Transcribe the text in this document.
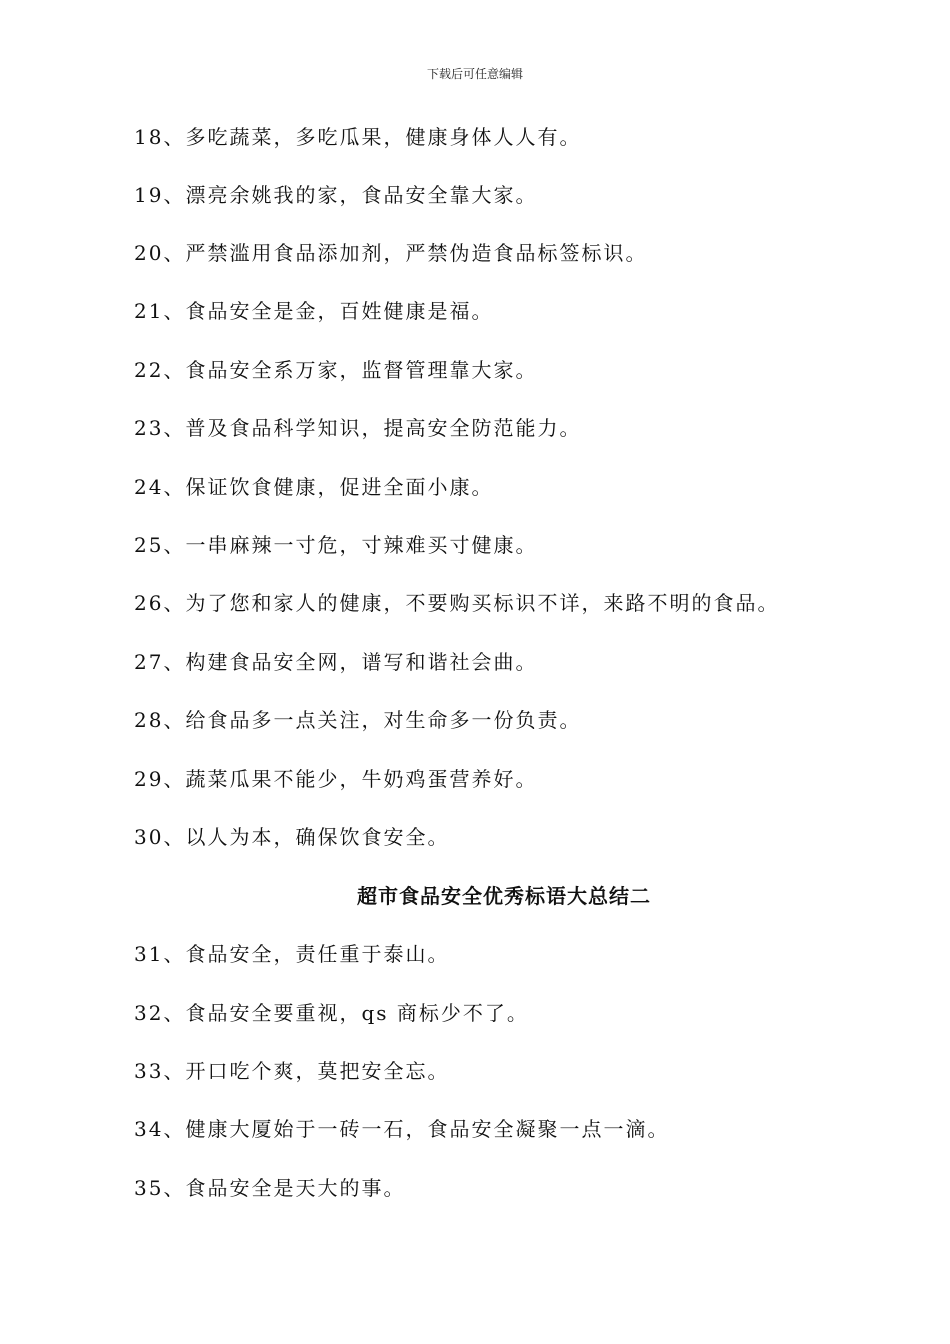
下载后可任意编辑
18、多吃蔬菜，多吃瓜果，健康身体人人有。
19、漂亮余姚我的家，食品安全靠大家。
20、严禁滥用食品添加剂，严禁伪造食品标签标识。
21、食品安全是金，百姓健康是福。
22、食品安全系万家，监督管理靠大家。
23、普及食品科学知识，提高安全防范能力。
24、保证饮食健康，促进全面小康。
25、一串麻辣一寸危，寸辣难买寸健康。
26、为了您和家人的健康，不要购买标识不详，来路不明的食品。
27、构建食品安全网，谱写和谐社会曲。
28、给食品多一点关注，对生命多一份负责。
29、蔬菜瓜果不能少，牛奶鸡蛋营养好。
30、以人为本，确保饮食安全。
超市食品安全优秀标语大总结二
31、食品安全，责任重于泰山。
32、食品安全要重视，qs 商标少不了。
33、开口吃个爽，莫把安全忘。
34、健康大厦始于一砖一石，食品安全凝聚一点一滴。
35、食品安全是天大的事。
